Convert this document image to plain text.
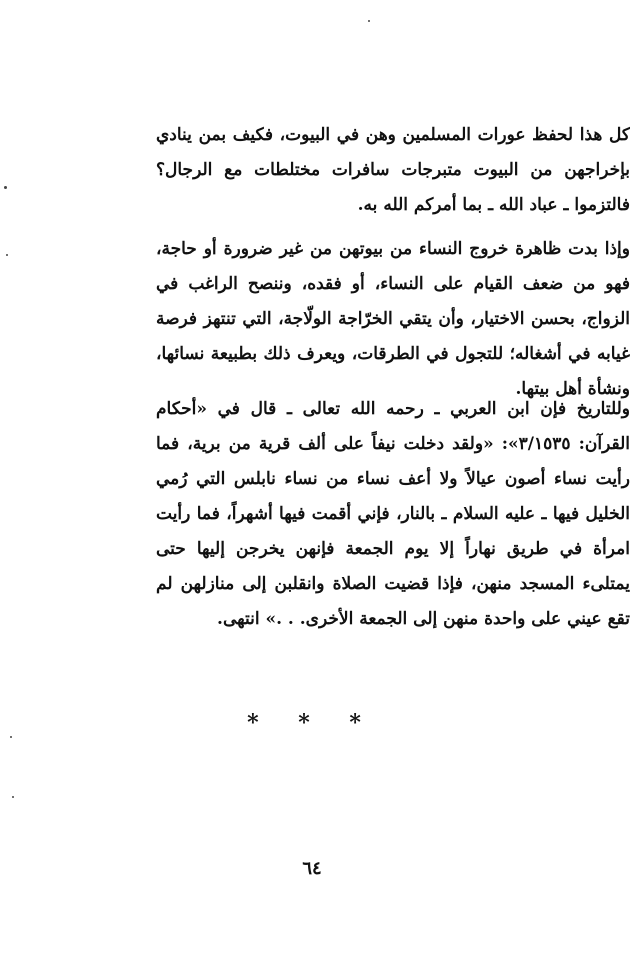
كل هذا لحفظ عورات المسلمين وهن في البيوت، فكيف بمن ينادي بإخراجهن من البيوت متبرجات سافرات مختلطات مع الرجال؟ فالتزموا ـ عباد الله ـ بما أمركم الله به.

وإذا بدت ظاهرة خروج النساء من بيوتهن من غير ضرورة أو حاجة، فهو من ضعف القيام على النساء، أو فقده، وننصح الراغب في الزواج، بحسن الاختيار، وأن يتقي الخرّاجة الولّاجة، التي تنتهز فرصة غيابه في أشغاله؛ للتجول في الطرقات، ويعرف ذلك بطبيعة نسائها، ونشأة أهل بيتها.

وللتاريخ فإن ابن العربي ـ رحمه الله تعالى ـ قال في «أحكام القرآن: ٣/١٥٣٥»: «ولقد دخلت نيفاً على ألف قرية من برية، فما رأيت نساء أصون عيالاً ولا أعف نساء من نساء نابلس التي رُمي الخليل فيها ـ عليه السلام ـ بالنار، فإني أقمت فيها أشهراً، فما رأيت امرأة في طريق نهاراً إلا يوم الجمعة فإنهن يخرجن إليها حتى يمتلىء المسجد منهن، فإذا قضيت الصلاة وانقلبن إلى منازلهن لم تقع عيني على واحدة منهن إلى الجمعة الأخرى. . .» انتهى.

* * *
٦٤
